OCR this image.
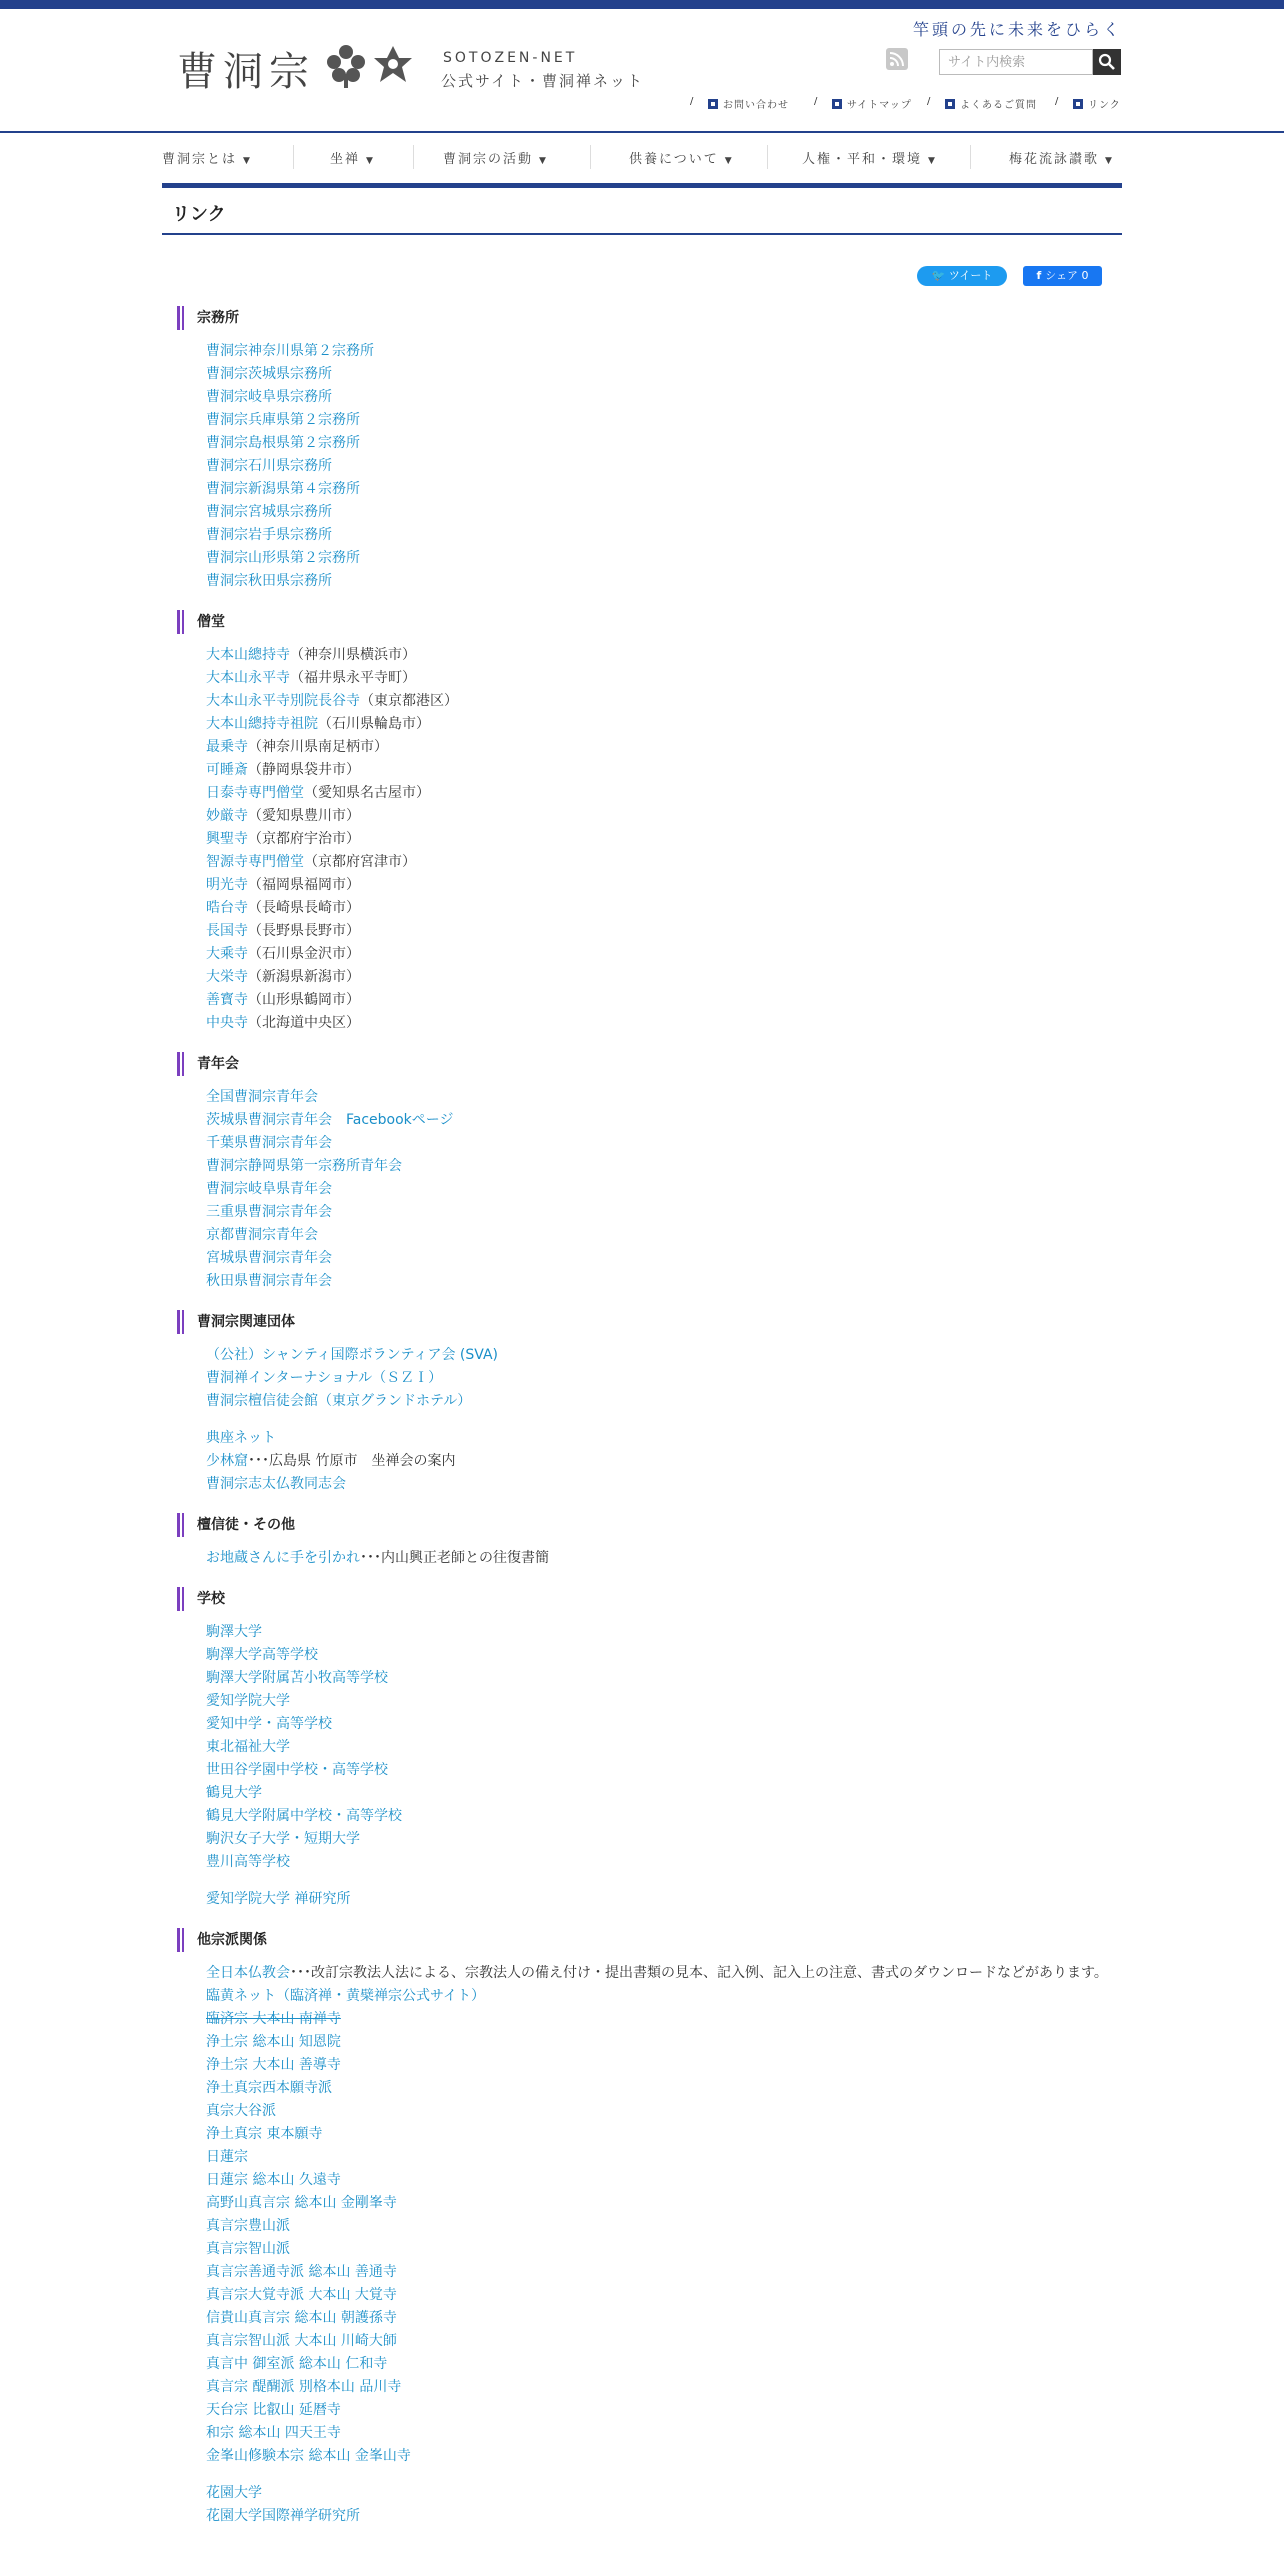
曹洞宗	SOTOZEN-NET
公式サイト・曹洞禅ネット
竿頭の先に未来をひらく
サイト内検索
/	お問い合わせ	/	サイトマップ /	よくあるご質問 /	リンク
曹洞宗とは ▼	坐禅 ▼	曹洞宗の活動 ▼	供養について ▼	人権・平和・環境 ▼	梅花流詠讃歌 ▼
リンク
🐦 ツイート	f シェア 0
宗務所
曹洞宗神奈川県第２宗務所
曹洞宗茨城県宗務所
曹洞宗岐阜県宗務所
曹洞宗兵庫県第２宗務所
曹洞宗島根県第２宗務所
曹洞宗石川県宗務所
曹洞宗新潟県第４宗務所
曹洞宗宮城県宗務所
曹洞宗岩手県宗務所
曹洞宗山形県第２宗務所
曹洞宗秋田県宗務所
僧堂
大本山總持寺（神奈川県横浜市）
大本山永平寺（福井県永平寺町）
大本山永平寺別院長谷寺（東京都港区）
大本山總持寺祖院（石川県輪島市）
最乗寺（神奈川県南足柄市）
可睡斎（静岡県袋井市）
日泰寺専門僧堂（愛知県名古屋市）
妙厳寺（愛知県豊川市）
興聖寺（京都府宇治市）
智源寺専門僧堂（京都府宮津市）
明光寺（福岡県福岡市）
晧台寺（長崎県長崎市）
長国寺（長野県長野市）
大乘寺（石川県金沢市）
大栄寺（新潟県新潟市）
善寳寺（山形県鶴岡市）
中央寺（北海道中央区）
青年会
全国曹洞宗青年会
茨城県曹洞宗青年会　Facebookページ
千葉県曹洞宗青年会
曹洞宗静岡県第一宗務所青年会
曹洞宗岐阜県青年会
三重県曹洞宗青年会
京都曹洞宗青年会
宮城県曹洞宗青年会
秋田県曹洞宗青年会
曹洞宗関連団体
（公社）シャンティ国際ボランティア会 (SVA)
曹洞禅インターナショナル（ＳＺＩ）
曹洞宗檀信徒会館（東京グランドホテル）
典座ネット
少林窟･･･広島県 竹原市　坐禅会の案内
曹洞宗志太仏教同志会
檀信徒・その他
お地蔵さんに手を引かれ･･･内山興正老師との往復書簡
学校
駒澤大学
駒澤大学高等学校
駒澤大学附属苫小牧高等学校
愛知学院大学
愛知中学・高等学校
東北福祉大学
世田谷学園中学校・高等学校
鶴見大学
鶴見大学附属中学校・高等学校
駒沢女子大学・短期大学
豊川高等学校
愛知学院大学 禅研究所
他宗派関係
全日本仏教会･･･改訂宗教法人法による、宗教法人の備え付け・提出書類の見本、記入例、記入上の注意、書式のダウンロードなどがあります。
臨黄ネット（臨済禅・黄檗禅宗公式サイト）
臨済宗 大本山 南禅寺
浄土宗 総本山 知恩院
浄土宗 大本山 善導寺
浄土真宗西本願寺派
真宗大谷派
浄土真宗 東本願寺
日蓮宗
日蓮宗 総本山 久遠寺
高野山真言宗 総本山 金剛峯寺
真言宗豊山派
真言宗智山派
真言宗善通寺派 総本山 善通寺
真言宗大覚寺派 大本山 大覚寺
信貴山真言宗 総本山 朝護孫寺
真言宗智山派 大本山 川崎大師
真言中 御室派 総本山 仁和寺
真言宗 醍醐派 別格本山 品川寺
天台宗 比叡山 延暦寺
和宗 総本山 四天王寺
金峯山修験本宗 総本山 金峯山寺
花園大学
花園大学国際禅学研究所
